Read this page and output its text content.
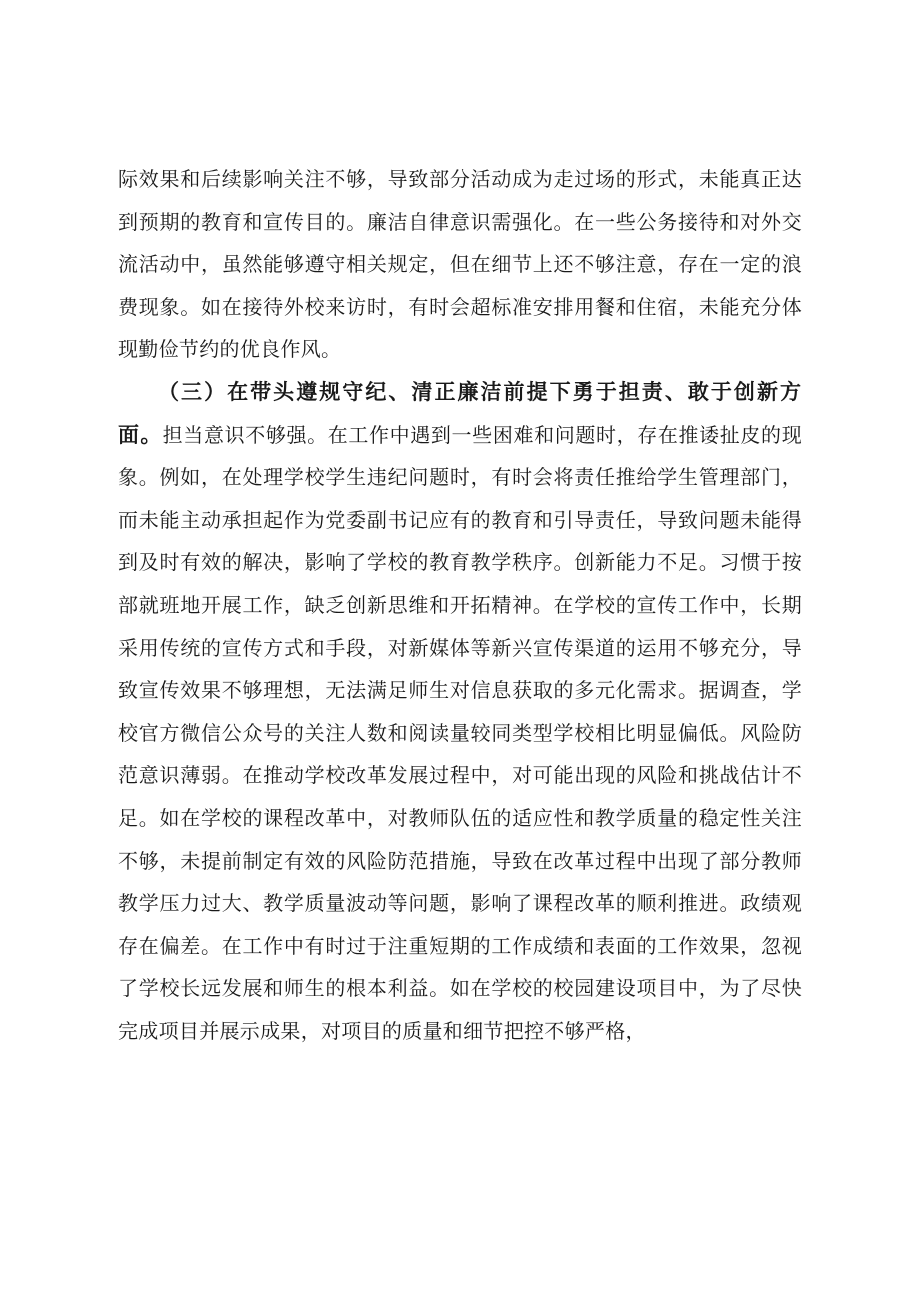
际效果和后续影响关注不够，导致部分活动成为走过场的形式，未能真正达到预期的教育和宣传目的。廉洁自律意识需强化。在一些公务接待和对外交流活动中，虽然能够遵守相关规定，但在细节上还不够注意，存在一定的浪费现象。如在接待外校来访时，有时会超标准安排用餐和住宿，未能充分体现勤俭节约的优良作风。

（三）在带头遵规守纪、清正廉洁前提下勇于担责、敢于创新方面。担当意识不够强。在工作中遇到一些困难和问题时，存在推诿扯皮的现象。例如，在处理学校学生违纪问题时，有时会将责任推给学生管理部门，而未能主动承担起作为党委副书记应有的教育和引导责任，导致问题未能得到及时有效的解决，影响了学校的教育教学秩序。创新能力不足。习惯于按部就班地开展工作，缺乏创新思维和开拓精神。在学校的宣传工作中，长期采用传统的宣传方式和手段，对新媒体等新兴宣传渠道的运用不够充分，导致宣传效果不够理想，无法满足师生对信息获取的多元化需求。据调查，学校官方微信公众号的关注人数和阅读量较同类型学校相比明显偏低。风险防范意识薄弱。在推动学校改革发展过程中，对可能出现的风险和挑战估计不足。如在学校的课程改革中，对教师队伍的适应性和教学质量的稳定性关注不够，未提前制定有效的风险防范措施，导致在改革过程中出现了部分教师教学压力过大、教学质量波动等问题，影响了课程改革的顺利推进。政绩观存在偏差。在工作中有时过于注重短期的工作成绩和表面的工作效果，忽视了学校长远发展和师生的根本利益。如在学校的校园建设项目中，为了尽快完成项目并展示成果，对项目的质量和细节把控不够严格，
